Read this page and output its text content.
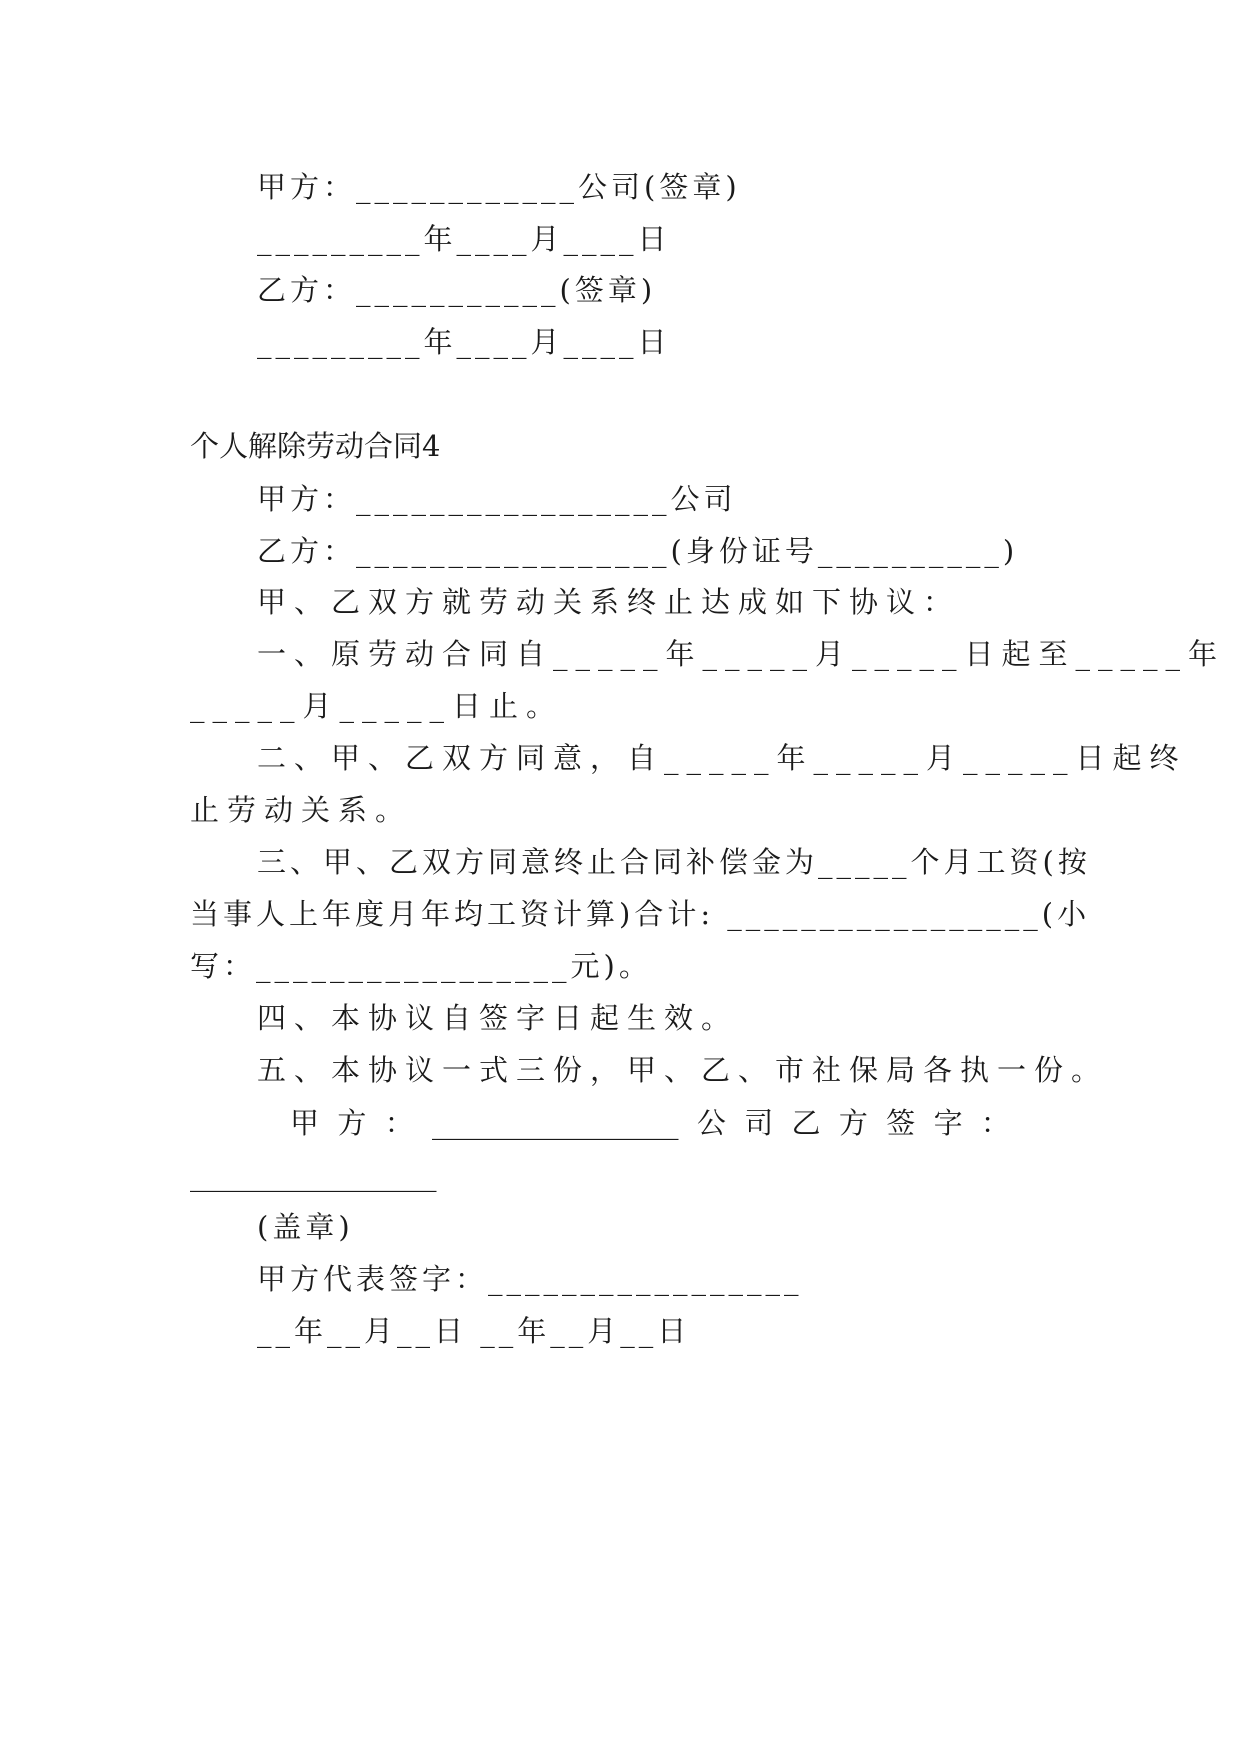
甲方：____________公司(签章)
_________年____月____日
乙方：___________(签章)
_________年____月____日
个人解除劳动合同4
甲方：_________________公司
乙方：_________________(身份证号__________)
甲、乙双方就劳动关系终止达成如下协议：
一、原劳动合同自_____年_____月_____日起至_____年
_____月_____日止。
二、甲、乙双方同意，自_____年_____月_____日起终
止劳动关系。
三、甲、乙双方同意终止合同补偿金为_____个月工资(按
当事人上年度月年均工资计算)合计: _________________(小
写：_________________元)。
四、本协议自签字日起生效。
五、本协议一式三份，甲、乙、市社保局各执一份。
甲 方 ： _________________ 公 司 乙 方 签 字 ：
_________________
(盖章)
甲方代表签字：_________________
__年__月__日 __年__月__日
